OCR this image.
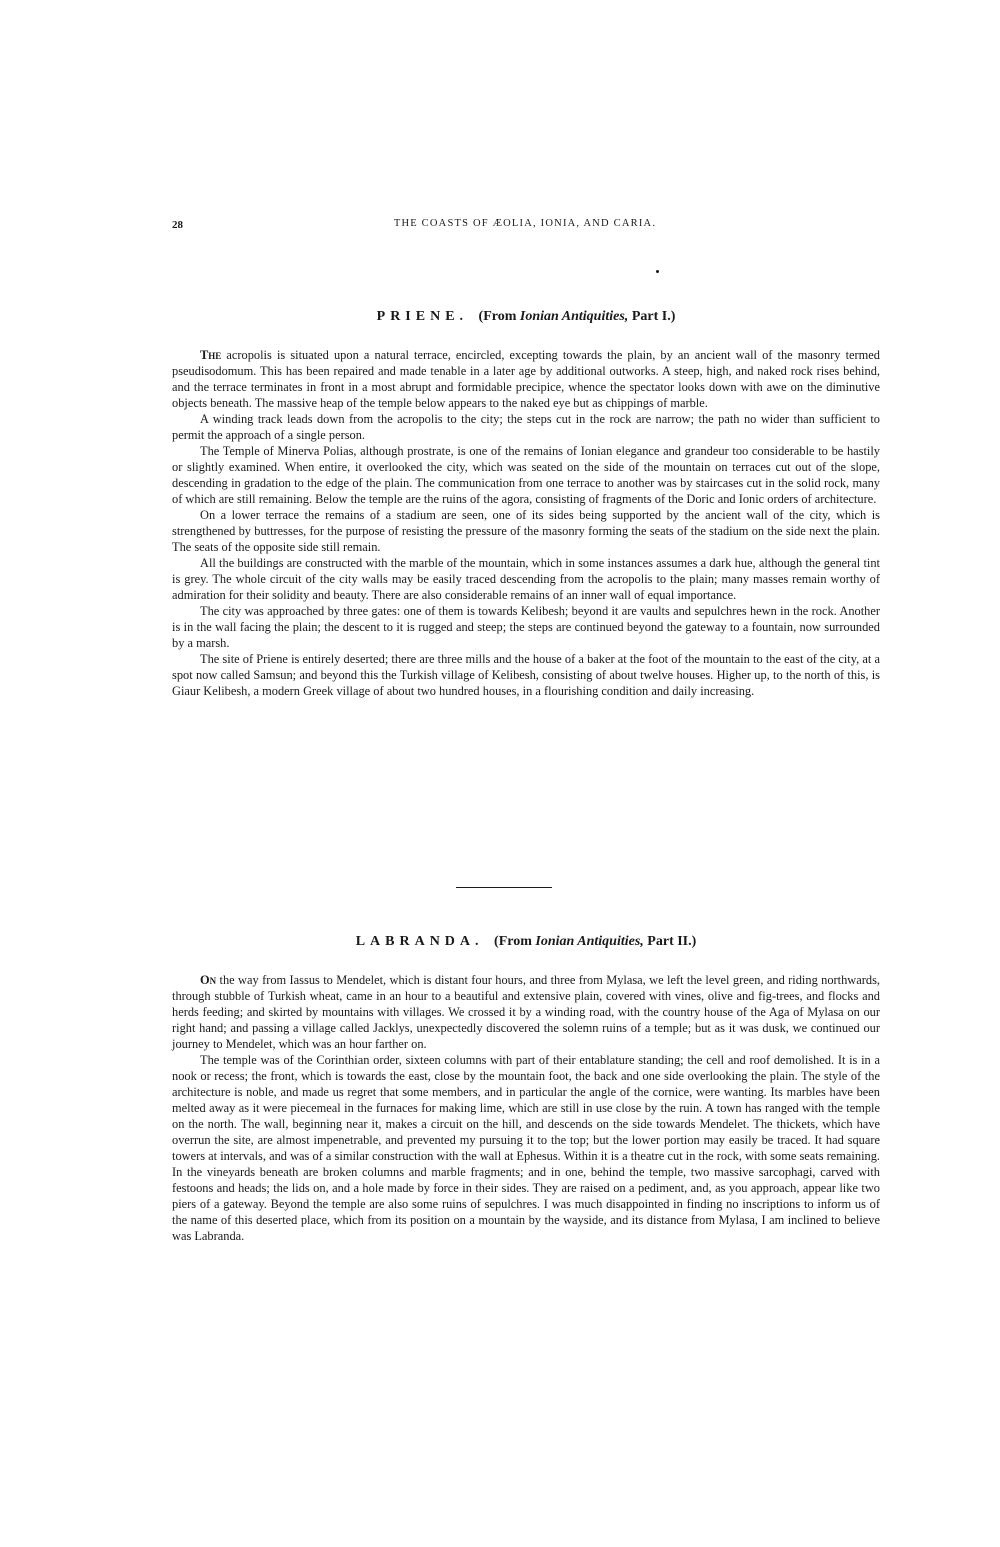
28	THE COASTS OF ÆOLIA, IONIA, AND CARIA.
PRIENE. (From Ionian Antiquities, Part I.)

The acropolis is situated upon a natural terrace, encircled, excepting towards the plain, by an ancient wall of the masonry termed pseudisodomum. This has been repaired and made tenable in a later age by additional outworks. A steep, high, and naked rock rises behind, and the terrace terminates in front in a most abrupt and formidable precipice, whence the spectator looks down with awe on the diminutive objects beneath. The massive heap of the temple below appears to the naked eye but as chippings of marble.

A winding track leads down from the acropolis to the city; the steps cut in the rock are narrow; the path no wider than sufficient to permit the approach of a single person.

The Temple of Minerva Polias, although prostrate, is one of the remains of Ionian elegance and grandeur too considerable to be hastily or slightly examined. When entire, it overlooked the city, which was seated on the side of the mountain on terraces cut out of the slope, descending in gradation to the edge of the plain. The communication from one terrace to another was by staircases cut in the solid rock, many of which are still remaining. Below the temple are the ruins of the agora, consisting of fragments of the Doric and Ionic orders of architecture.

On a lower terrace the remains of a stadium are seen, one of its sides being supported by the ancient wall of the city, which is strengthened by buttresses, for the purpose of resisting the pressure of the masonry forming the seats of the stadium on the side next the plain. The seats of the opposite side still remain.

All the buildings are constructed with the marble of the mountain, which in some instances assumes a dark hue, although the general tint is grey. The whole circuit of the city walls may be easily traced descending from the acropolis to the plain; many masses remain worthy of admiration for their solidity and beauty. There are also considerable remains of an inner wall of equal importance.

The city was approached by three gates: one of them is towards Kelibesh; beyond it are vaults and sepulchres hewn in the rock. Another is in the wall facing the plain; the descent to it is rugged and steep; the steps are continued beyond the gateway to a fountain, now surrounded by a marsh.

The site of Priene is entirely deserted; there are three mills and the house of a baker at the foot of the mountain to the east of the city, at a spot now called Samsun; and beyond this the Turkish village of Kelibesh, consisting of about twelve houses. Higher up, to the north of this, is Giaur Kelibesh, a modern Greek village of about two hundred houses, in a flourishing condition and daily increasing.

LABRANDA. (From Ionian Antiquities, Part II.)

On the way from Iassus to Mendelet, which is distant four hours, and three from Mylasa, we left the level green, and riding northwards, through stubble of Turkish wheat, came in an hour to a beautiful and extensive plain, covered with vines, olive and fig-trees, and flocks and herds feeding; and skirted by mountains with villages. We crossed it by a winding road, with the country house of the Aga of Mylasa on our right hand; and passing a village called Jacklys, unexpectedly discovered the solemn ruins of a temple; but as it was dusk, we continued our journey to Mendelet, which was an hour farther on.

The temple was of the Corinthian order, sixteen columns with part of their entablature standing; the cell and roof demolished. It is in a nook or recess; the front, which is towards the east, close by the mountain foot, the back and one side overlooking the plain. The style of the architecture is noble, and made us regret that some members, and in particular the angle of the cornice, were wanting. Its marbles have been melted away as it were piecemeal in the furnaces for making lime, which are still in use close by the ruin. A town has ranged with the temple on the north. The wall, beginning near it, makes a circuit on the hill, and descends on the side towards Mendelet. The thickets, which have overrun the site, are almost impenetrable, and prevented my pursuing it to the top; but the lower portion may easily be traced. It had square towers at intervals, and was of a similar construction with the wall at Ephesus. Within it is a theatre cut in the rock, with some seats remaining. In the vineyards beneath are broken columns and marble fragments; and in one, behind the temple, two massive sarcophagi, carved with festoons and heads; the lids on, and a hole made by force in their sides. They are raised on a pediment, and, as you approach, appear like two piers of a gateway. Beyond the temple are also some ruins of sepulchres. I was much disappointed in finding no inscriptions to inform us of the name of this deserted place, which from its position on a mountain by the wayside, and its distance from Mylasa, I am inclined to believe was Labranda.
